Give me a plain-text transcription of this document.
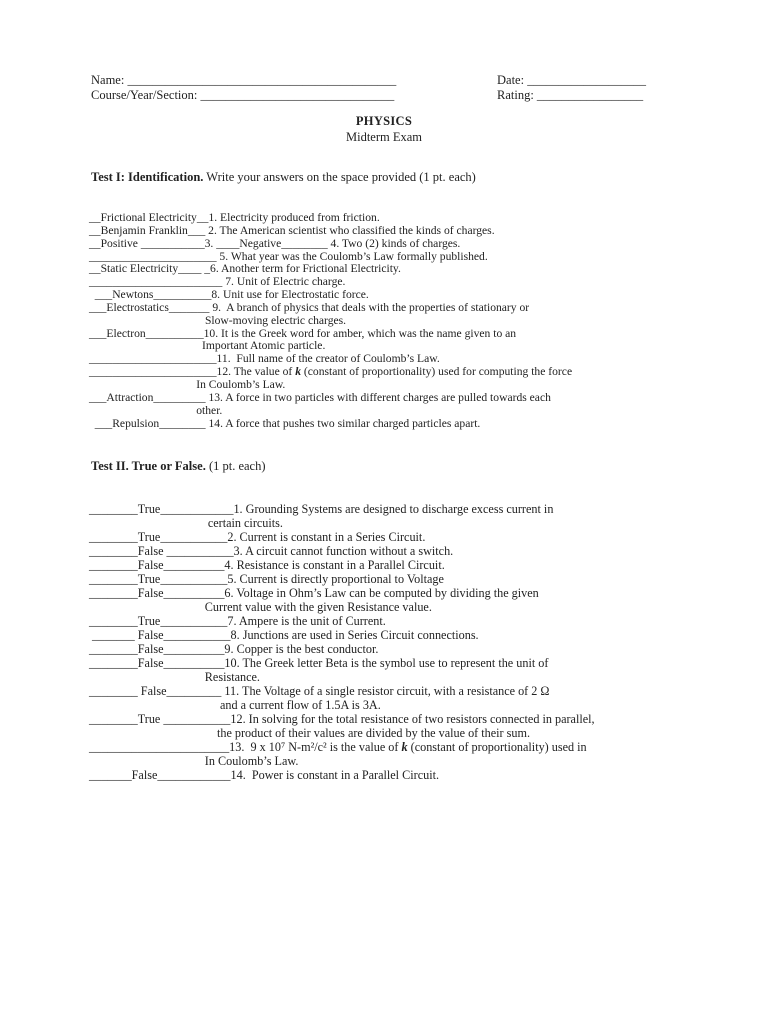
Name: ___________________________________________
Course/Year/Section: _______________________________
Date: ___________________
Rating: _________________
PHYSICS
Midterm Exam
Test I: Identification. Write your answers on the space provided (1 pt. each)
__Frictional Electricity__1. Electricity produced from friction.
__Benjamin Franklin___ 2. The American scientist who classified the kinds of charges.
__Positive ___________3. ____Negative________ 4. Two (2) kinds of charges.
______________________ 5. What year was the Coulomb’s Law formally published.
__Static Electricity____ _6. Another term for Frictional Electricity.
_______________________ 7. Unit of Electric charge.
___Newtons__________8. Unit use for Electrostatic force.
___Electrostatics_______ 9.  A branch of physics that deals with the properties of stationary or
Slow-moving electric charges.
___Electron__________10. It is the Greek word for amber, which was the name given to an
Important Atomic particle.
______________________11.  Full name of the creator of Coulomb’s Law.
______________________12. The value of k (constant of proportionality) used for computing the force
In Coulomb’s Law.
___Attraction_________ 13. A force in two particles with different charges are pulled towards each
other.
___Repulsion________ 14. A force that pushes two similar charged particles apart.
Test II. True or False. (1 pt. each)
________True____________1. Grounding Systems are designed to discharge excess current in
certain circuits.
________True___________2. Current is constant in a Series Circuit.
________False ___________3. A circuit cannot function without a switch.
________False__________4. Resistance is constant in a Parallel Circuit.
________True___________5. Current is directly proportional to Voltage
________False__________6. Voltage in Ohm’s Law can be computed by dividing the given
Current value with the given Resistance value.
________True___________7. Ampere is the unit of Current.
_______ False___________8. Junctions are used in Series Circuit connections.
________False__________9. Copper is the best conductor.
________False__________10. The Greek letter Beta is the symbol use to represent the unit of
Resistance.
________ False_________ 11. The Voltage of a single resistor circuit, with a resistance of 2 Ω
and a current flow of 1.5A is 3A.
________True ___________12. In solving for the total resistance of two resistors connected in parallel,
the product of their values are divided by the value of their sum.
_______________________13.  9 x 10⁷ N-m²/c² is the value of k (constant of proportionality) used in
In Coulomb’s Law.
_______False____________14.  Power is constant in a Parallel Circuit.
